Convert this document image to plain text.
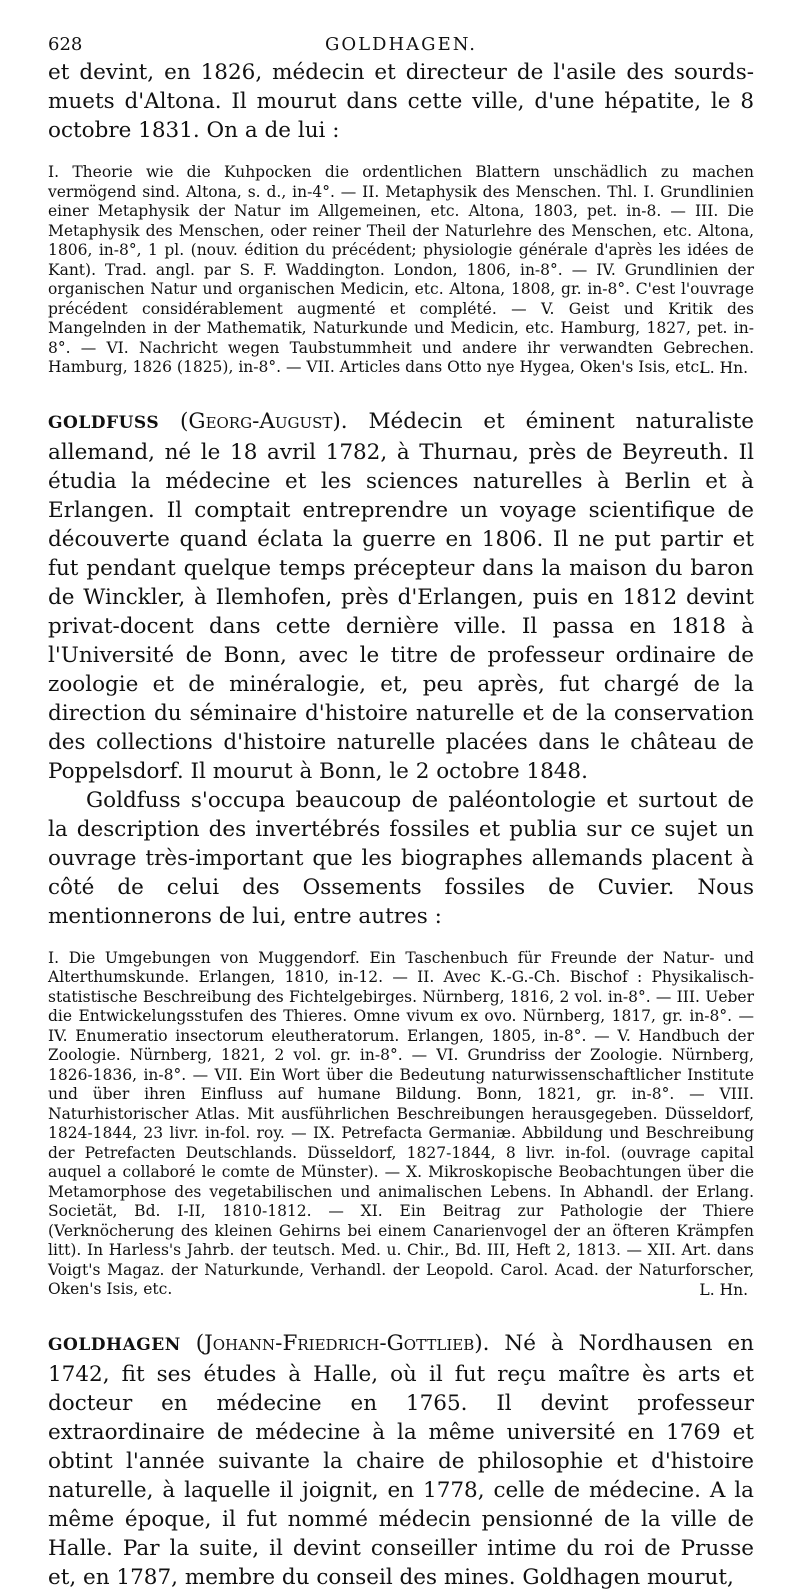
628	GOLDHAGEN.

et devint, en 1826, médecin et directeur de l'asile des sourds-muets d'Altona. Il mourut dans cette ville, d'une hépatite, le 8 octobre 1831. On a de lui :

I. Theorie wie die Kuhpocken die ordentlichen Blattern unschädlich zu machen vermögend sind. Altona, s. d., in-4°. — II. Metaphysik des Menschen. Thl. I. Grundlinien einer Metaphysik der Natur im Allgemeinen, etc. Altona, 1803, pet. in-8. — III. Die Metaphysik des Menschen, oder reiner Theil der Naturlehre des Menschen, etc. Altona, 1806, in-8°, 1 pl. (nouv. édition du précédent; physiologie générale d'après les idées de Kant). Trad. angl. par S. F. Waddington. London, 1806, in-8°. — IV. Grundlinien der organischen Natur und organischen Medicin, etc. Altona, 1808, gr. in-8°. C'est l'ouvrage précédent considérablement augmenté et complété. — V. Geist und Kritik des Mangelnden in der Mathematik, Naturkunde und Medicin, etc. Hamburg, 1827, pet. in-8°. — VI. Nachricht wegen Taubstummheit und andere ihr verwandten Gebrechen. Hamburg, 1826 (1825), in-8°. — VII. Articles dans Otto nye Hygea, Oken's Isis, etc.

L. Hn.

GOLDFUSS (Georg-August). Médecin et éminent naturaliste allemand, né le 18 avril 1782, à Thurnau, près de Beyreuth. Il étudia la médecine et les sciences naturelles à Berlin et à Erlangen. Il comptait entreprendre un voyage scientifique de découverte quand éclata la guerre en 1806. Il ne put partir et fut pendant quelque temps précepteur dans la maison du baron de Winckler, à Ilemhofen, près d'Erlangen, puis en 1812 devint privat-docent dans cette dernière ville. Il passa en 1818 à l'Université de Bonn, avec le titre de professeur ordinaire de zoologie et de minéralogie, et, peu après, fut chargé de la direction du séminaire d'histoire naturelle et de la conservation des collections d'histoire naturelle placées dans le château de Poppelsdorf. Il mourut à Bonn, le 2 octobre 1848.

Goldfuss s'occupa beaucoup de paléontologie et surtout de la description des invertébrés fossiles et publia sur ce sujet un ouvrage très-important que les biographes allemands placent à côté de celui des Ossements fossiles de Cuvier. Nous mentionnerons de lui, entre autres :

I. Die Umgebungen von Muggendorf. Ein Taschenbuch für Freunde der Natur- und Alterthumskunde. Erlangen, 1810, in-12. — II. Avec K.-G.-Ch. Bischof : Physikalisch-statistische Beschreibung des Fichtelgebirges. Nürnberg, 1816, 2 vol. in-8°. — III. Ueber die Entwickelungsstufen des Thieres. Omne vivum ex ovo. Nürnberg, 1817, gr. in-8°. — IV. Enumeratio insectorum eleutheratorum. Erlangen, 1805, in-8°. — V. Handbuch der Zoologie. Nürnberg, 1821, 2 vol. gr. in-8°. — VI. Grundriss der Zoologie. Nürnberg, 1826-1836, in-8°. — VII. Ein Wort über die Bedeutung naturwissenschaftlicher Institute und über ihren Einfluss auf humane Bildung. Bonn, 1821, gr. in-8°. — VIII. Naturhistorischer Atlas. Mit ausführlichen Beschreibungen herausgegeben. Düsseldorf, 1824-1844, 23 livr. in-fol. roy. — IX. Petrefacta Germaniæ. Abbildung und Beschreibung der Petrefacten Deutschlands. Düsseldorf, 1827-1844, 8 livr. in-fol. (ouvrage capital auquel a collaboré le comte de Münster). — X. Mikroskopische Beobachtungen über die Metamorphose des vegetabilischen und animalischen Lebens. In Abhandl. der Erlang. Societät, Bd. I-II, 1810-1812. — XI. Ein Beitrag zur Pathologie der Thiere (Verknöcherung des kleinen Gehirns bei einem Canarienvogel der an öfteren Krämpfen litt). In Harless's Jahrb. der teutsch. Med. u. Chir., Bd. III, Heft 2, 1813. — XII. Art. dans Voigt's Magaz. der Naturkunde, Verhandl. der Leopold. Carol. Acad. der Naturforscher, Oken's Isis, etc.	L. Hn.

GOLDHAGEN (Johann-Friedrich-Gottlieb). Né à Nordhausen en 1742, fit ses études à Halle, où il fut reçu maître ès arts et docteur en médecine en 1765. Il devint professeur extraordinaire de médecine à la même université en 1769 et obtint l'année suivante la chaire de philosophie et d'histoire naturelle, à laquelle il joignit, en 1778, celle de médecine. A la même époque, il fut nommé médecin pensionné de la ville de Halle. Par la suite, il devint conseiller intime du roi de Prusse et, en 1787, membre du conseil des mines. Goldhagen mourut,
